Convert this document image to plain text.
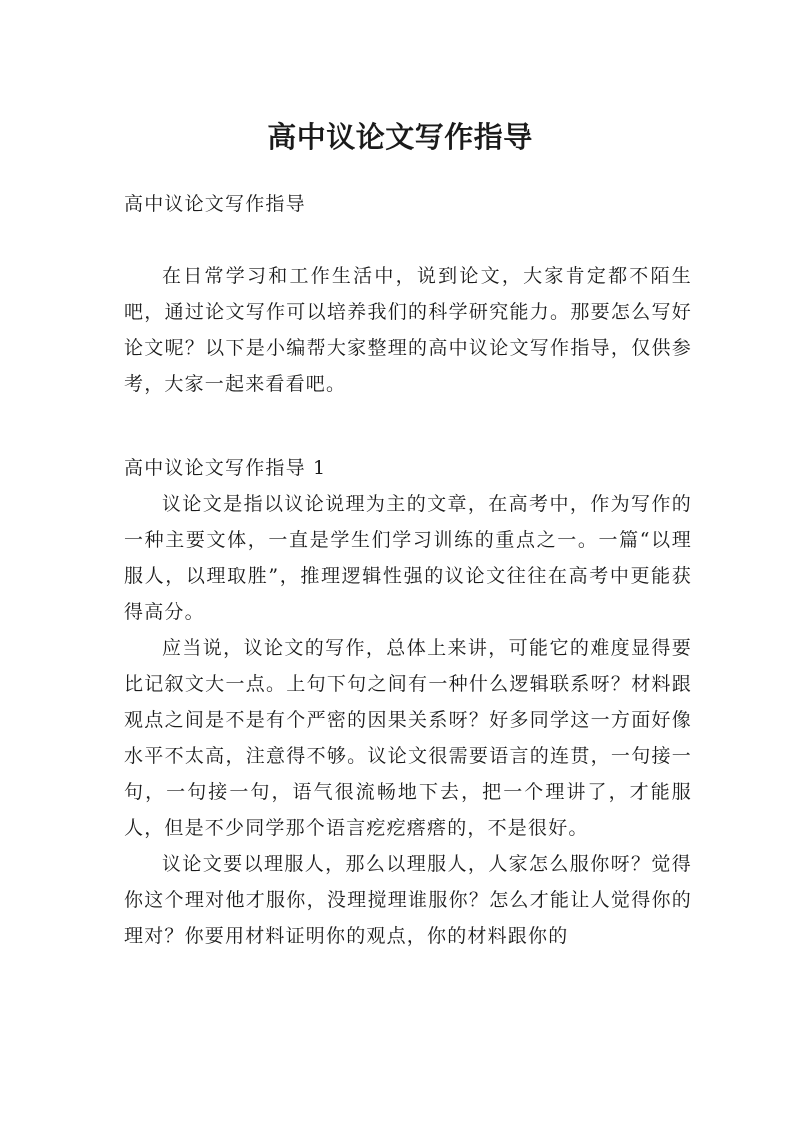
高中议论文写作指导
高中议论文写作指导

在日常学习和工作生活中，说到论文，大家肯定都不陌生吧，通过论文写作可以培养我们的科学研究能力。那要怎么写好论文呢？以下是小编帮大家整理的高中议论文写作指导，仅供参考，大家一起来看看吧。

高中议论文写作指导 1

议论文是指以议论说理为主的文章，在高考中，作为写作的一种主要文体，一直是学生们学习训练的重点之一。一篇“以理服人，以理取胜”，推理逻辑性强的议论文往往在高考中更能获得高分。

应当说，议论文的写作，总体上来讲，可能它的难度显得要比记叙文大一点。上句下句之间有一种什么逻辑联系呀？材料跟观点之间是不是有个严密的因果关系呀？好多同学这一方面好像水平不太高，注意得不够。议论文很需要语言的连贯，一句接一句，一句接一句，语气很流畅地下去，把一个理讲了，才能服人，但是不少同学那个语言疙疙瘩瘩的，不是很好。

议论文要以理服人，那么以理服人，人家怎么服你呀？觉得你这个理对他才服你，没理搅理谁服你？怎么才能让人觉得你的理对？你要用材料证明你的观点，你的材料跟你的
